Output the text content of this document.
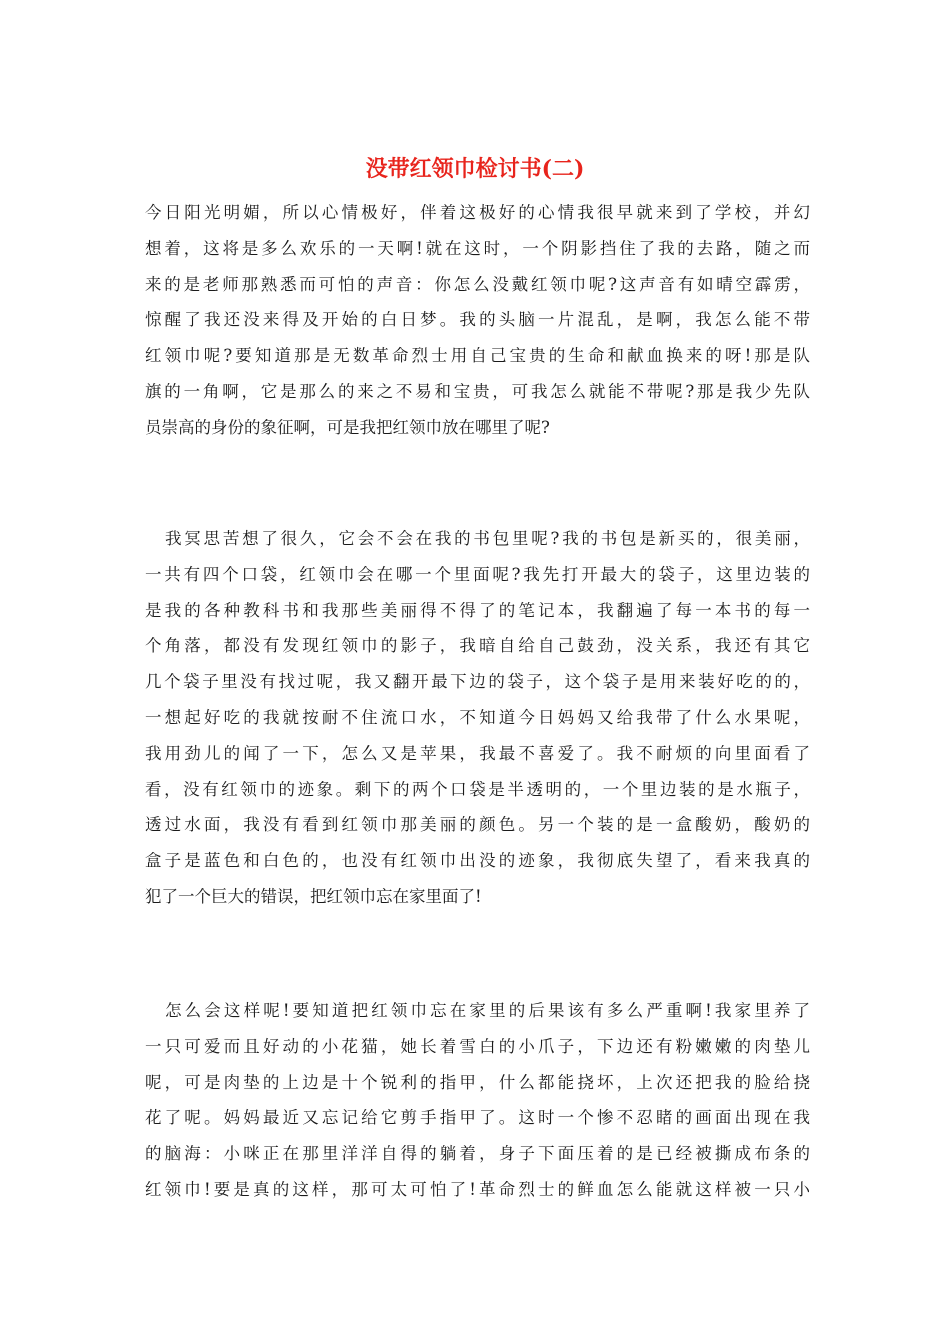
没带红领巾检讨书(二)
今日阳光明媚，所以心情极好，伴着这极好的心情我很早就来到了学校，并幻
想着，这将是多么欢乐的一天啊!就在这时，一个阴影挡住了我的去路，随之而
来的是老师那熟悉而可怕的声音：你怎么没戴红领巾呢?这声音有如晴空霹雳，
惊醒了我还没来得及开始的白日梦。我的头脑一片混乱，是啊，我怎么能不带
红领巾呢?要知道那是无数革命烈士用自己宝贵的生命和献血换来的呀!那是队
旗的一角啊，它是那么的来之不易和宝贵，可我怎么就能不带呢?那是我少先队
员崇高的身份的象征啊，可是我把红领巾放在哪里了呢?
我冥思苦想了很久，它会不会在我的书包里呢?我的书包是新买的，很美丽，
一共有四个口袋，红领巾会在哪一个里面呢?我先打开最大的袋子，这里边装的
是我的各种教科书和我那些美丽得不得了的笔记本，我翻遍了每一本书的每一
个角落，都没有发现红领巾的影子，我暗自给自己鼓劲，没关系，我还有其它
几个袋子里没有找过呢，我又翻开最下边的袋子，这个袋子是用来装好吃的的，
一想起好吃的我就按耐不住流口水，不知道今日妈妈又给我带了什么水果呢，
我用劲儿的闻了一下，怎么又是苹果，我最不喜爱了。我不耐烦的向里面看了
看，没有红领巾的迹象。剩下的两个口袋是半透明的，一个里边装的是水瓶子，
透过水面，我没有看到红领巾那美丽的颜色。另一个装的是一盒酸奶，酸奶的
盒子是蓝色和白色的，也没有红领巾出没的迹象，我彻底失望了，看来我真的
犯了一个巨大的错误，把红领巾忘在家里面了!
怎么会这样呢!要知道把红领巾忘在家里的后果该有多么严重啊!我家里养了
一只可爱而且好动的小花猫，她长着雪白的小爪子，下边还有粉嫩嫩的肉垫儿
呢，可是肉垫的上边是十个锐利的指甲，什么都能挠坏，上次还把我的脸给挠
花了呢。妈妈最近又忘记给它剪手指甲了。这时一个惨不忍睹的画面出现在我
的脑海：小咪正在那里洋洋自得的躺着，身子下面压着的是已经被撕成布条的
红领巾!要是真的这样，那可太可怕了!革命烈士的鲜血怎么能就这样被一只小
